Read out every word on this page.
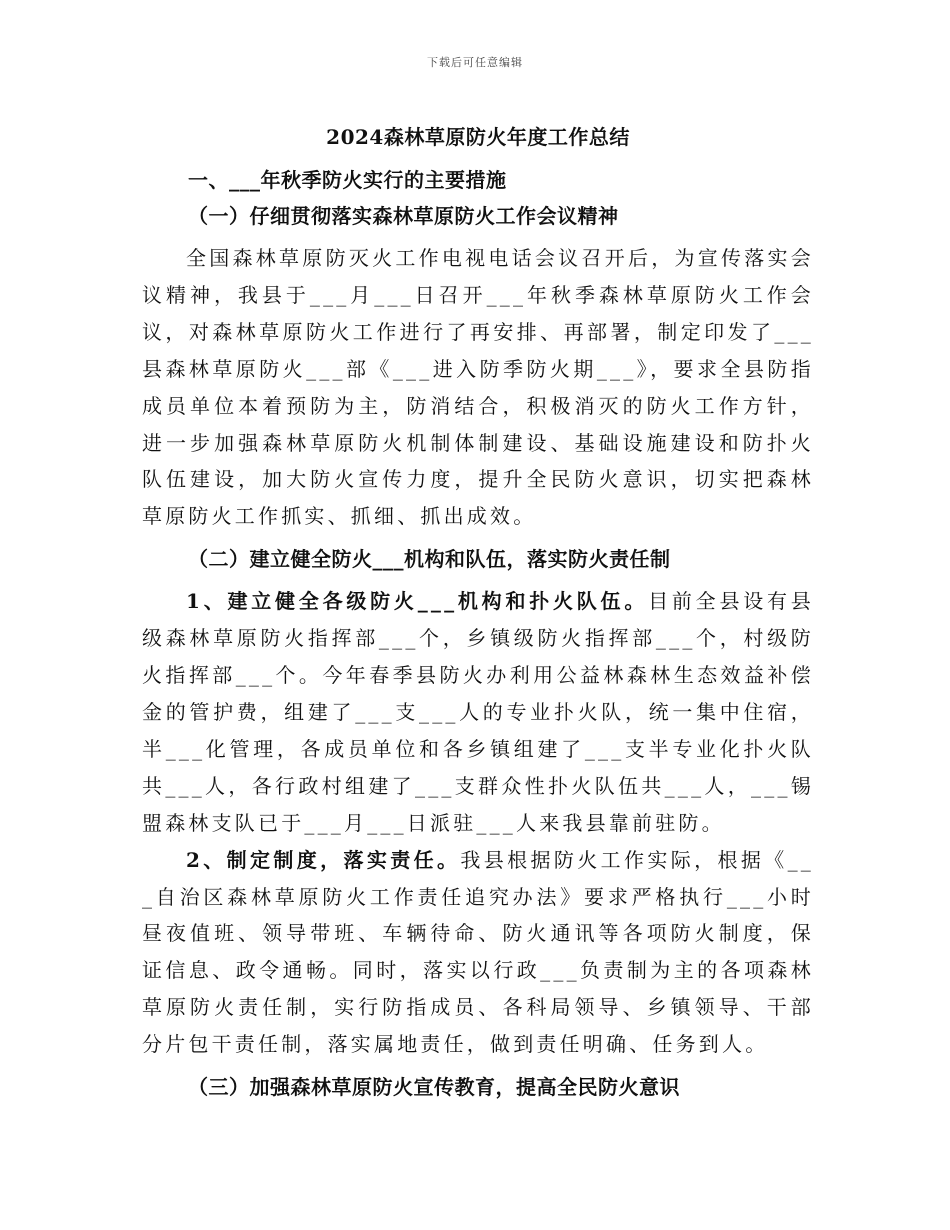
下载后可任意编辑
2024森林草原防火年度工作总结
一、___年秋季防火实行的主要措施
（一）仔细贯彻落实森林草原防火工作会议精神

全国森林草原防灭火工作电视电话会议召开后，为宣传落实会议精神，我县于___月___日召开___年秋季森林草原防火工作会议，对森林草原防火工作进行了再安排、再部署，制定印发了___县森林草原防火___部《___进入防季防火期___》，要求全县防指成员单位本着预防为主，防消结合，积极消灭的防火工作方针，进一步加强森林草原防火机制体制建设、基础设施建设和防扑火队伍建设，加大防火宣传力度，提升全民防火意识，切实把森林草原防火工作抓实、抓细、抓出成效。

（二）建立健全防火___机构和队伍，落实防火责任制

1、建立健全各级防火___机构和扑火队伍。目前全县设有县级森林草原防火指挥部___个，乡镇级防火指挥部___个，村级防火指挥部___个。今年春季县防火办利用公益林森林生态效益补偿金的管护费，组建了___支___人的专业扑火队，统一集中住宿，半___化管理，各成员单位和各乡镇组建了___支半专业化扑火队共___人，各行政村组建了___支群众性扑火队伍共___人，___锡盟森林支队已于___月___日派驻___人来我县靠前驻防。

2、制定制度，落实责任。我县根据防火工作实际，根据《___自治区森林草原防火工作责任追究办法》要求严格执行___小时昼夜值班、领导带班、车辆待命、防火通讯等各项防火制度，保证信息、政令通畅。同时，落实以行政___负责制为主的各项森林草原防火责任制，实行防指成员、各科局领导、乡镇领导、干部分片包干责任制，落实属地责任，做到责任明确、任务到人。

（三）加强森林草原防火宣传教育，提高全民防火意识
